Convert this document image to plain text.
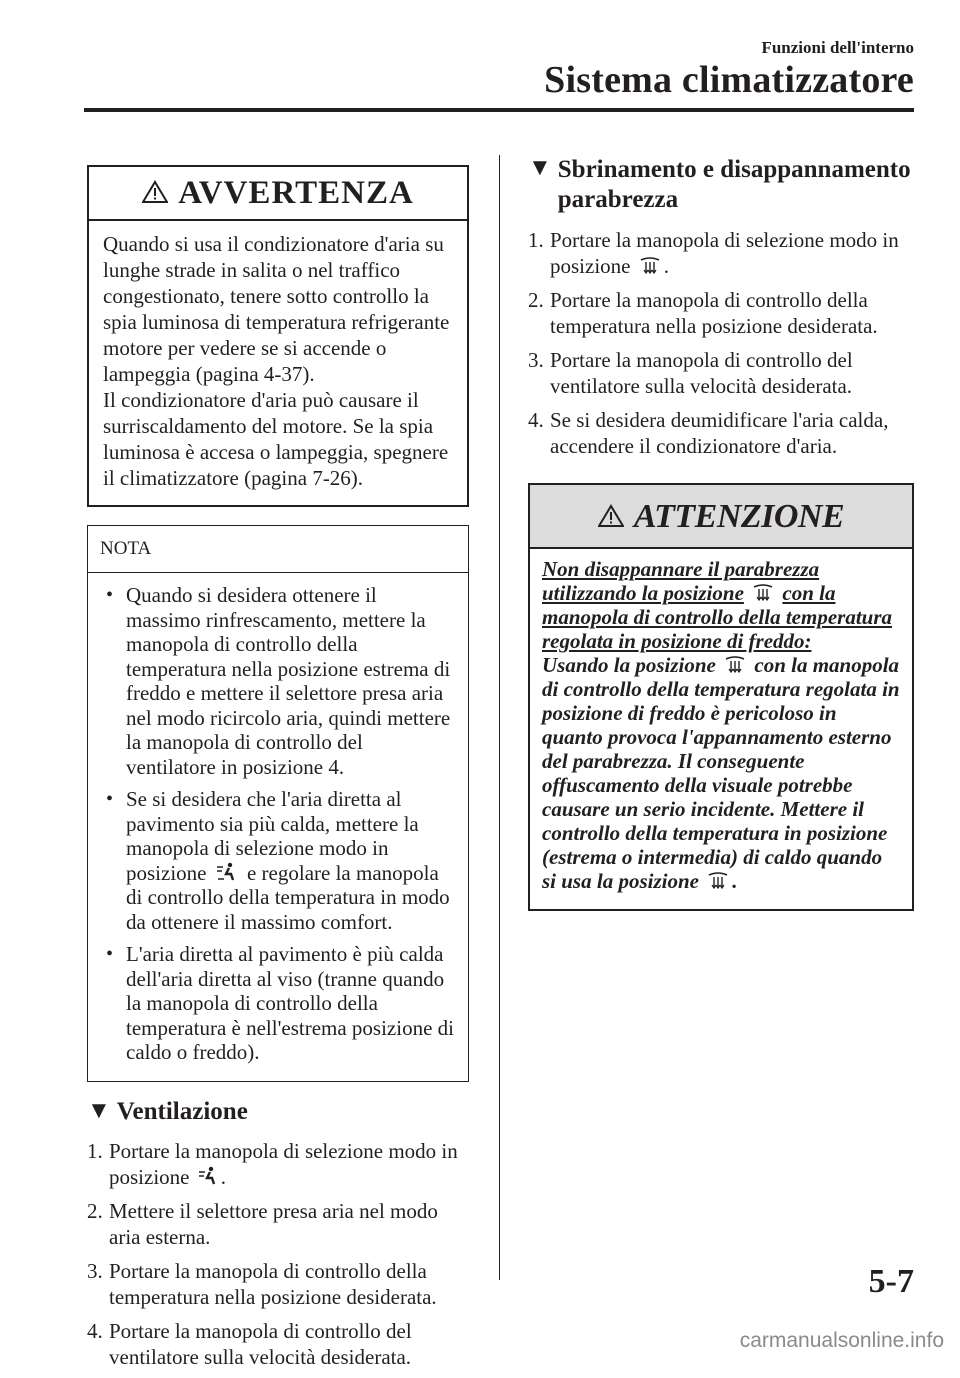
Funzioni dell'interno
Sistema climatizzatore
AVVERTENZA
Quando si usa il condizionatore d'aria su lunghe strade in salita o nel traffico congestionato, tenere sotto controllo la spia luminosa di temperatura refrigerante motore per vedere se si accende o lampeggia (pagina 4-37).
Il condizionatore d'aria può causare il surriscaldamento del motore. Se la spia luminosa è accesa o lampeggia, spegnere il climatizzatore (pagina 7-26).
NOTA
• Quando si desidera ottenere il massimo rinfrescamento, mettere la manopola di controllo della temperatura nella posizione estrema di freddo e mettere il selettore presa aria nel modo ricircolo aria, quindi mettere la manopola di controllo del ventilatore in posizione 4.
• Se si desidera che l'aria diretta al pavimento sia più calda, mettere la manopola di selezione modo in posizione e regolare la manopola di controllo della temperatura in modo da ottenere il massimo comfort.
• L'aria diretta al pavimento è più calda dell'aria diretta al viso (tranne quando la manopola di controllo della temperatura è nell'estrema posizione di caldo o freddo).
▼ Ventilazione
1. Portare la manopola di selezione modo in posizione .
2. Mettere il selettore presa aria nel modo aria esterna.
3. Portare la manopola di controllo della temperatura nella posizione desiderata.
4. Portare la manopola di controllo del ventilatore sulla velocità desiderata.
▼ Sbrinamento e disappannamento parabrezza
1. Portare la manopola di selezione modo in posizione .
2. Portare la manopola di controllo della temperatura nella posizione desiderata.
3. Portare la manopola di controllo del ventilatore sulla velocità desiderata.
4. Se si desidera deumidificare l'aria calda, accendere il condizionatore d'aria.
ATTENZIONE
Non disappannare il parabrezza utilizzando la posizione con la manopola di controllo della temperatura regolata in posizione di freddo:
Usando la posizione con la manopola di controllo della temperatura regolata in posizione di freddo è pericoloso in quanto provoca l'appannamento esterno del parabrezza. Il conseguente offuscamento della visuale potrebbe causare un serio incidente. Mettere il controllo della temperatura in posizione (estrema o intermedia) di caldo quando si usa la posizione .
5-7
carmanualsonline.info
